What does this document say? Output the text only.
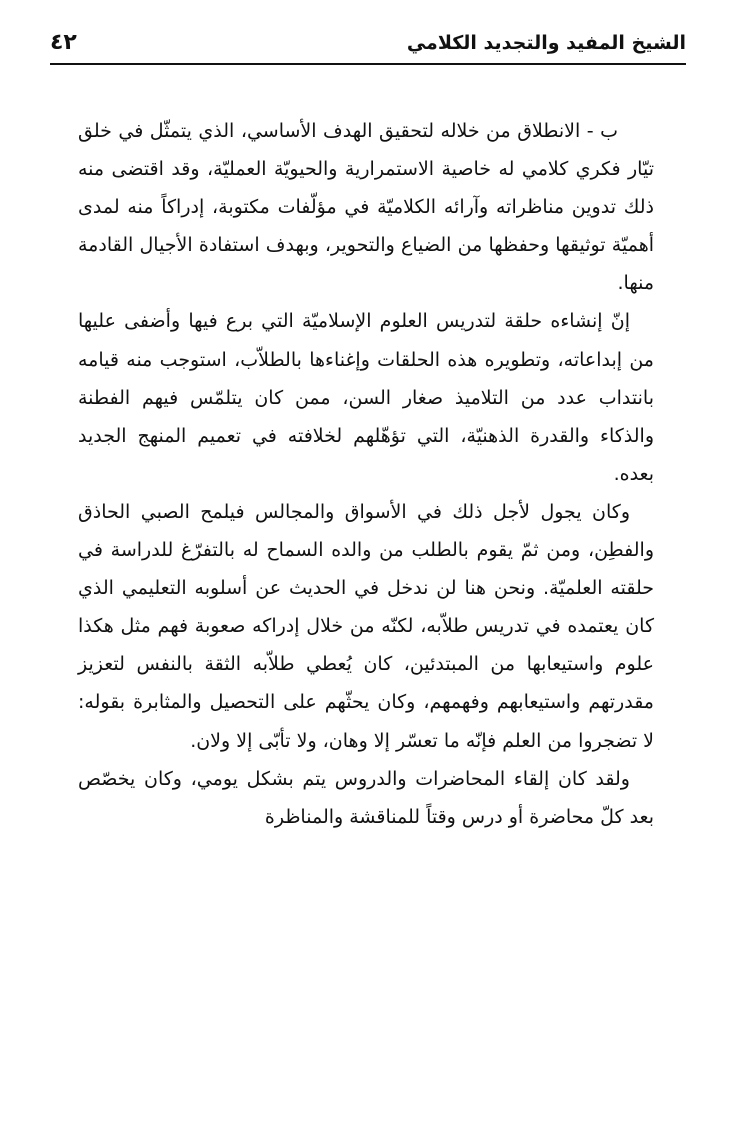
الشيخ المفيد والتجديد الكلامي
٤٢

ب - الانطلاق من خلاله لتحقيق الهدف الأساسي، الذي يتمثّل في خلق تيّار فكري كلامي له خاصية الاستمرارية والحيويّة العمليّة، وقد اقتضى منه ذلك تدوين مناظراته وآرائه الكلاميّة في مؤلّفات مكتوبة، إدراكاً منه لمدى أهميّة توثيقها وحفظها من الضياع والتحوير، وبهدف استفادة الأجيال القادمة منها.

إنّ إنشاءه حلقة لتدريس العلوم الإسلاميّة التي برع فيها وأضفى عليها من إبداعاته، وتطويره هذه الحلقات وإغناءها بالطلاّب، استوجب منه قيامه بانتداب عدد من التلاميذ صغار السن، ممن كان يتلمّس فيهم الفطنة والذكاء والقدرة الذهنيّة، التي تؤهّلهم لخلافته في تعميم المنهج الجديد بعده.

وكان يجول لأجل ذلك في الأسواق والمجالس فيلمح الصبي الحاذق والفطِن، ومن ثمّ يقوم بالطلب من والده السماح له بالتفرّغ للدراسة في حلقته العلميّة. ونحن هنا لن ندخل في الحديث عن أسلوبه التعليمي الذي كان يعتمده في تدريس طلاّبه، لكنّه من خلال إدراكه صعوبة فهم مثل هكذا علوم واستيعابها من المبتدئين، كان يُعطي طلاّبه الثقة بالنفس لتعزيز مقدرتهم واستيعابهم وفهمهم، وكان يحثّهم على التحصيل والمثابرة بقوله: لا تضجروا من العلم فإنّه ما تعسّر إلا وهان، ولا تأبّى إلا ولان.

ولقد كان إلقاء المحاضرات والدروس يتم بشكل يومي، وكان يخصّص بعد كلّ محاضرة أو درس وقتاً للمناقشة والمناظرة
